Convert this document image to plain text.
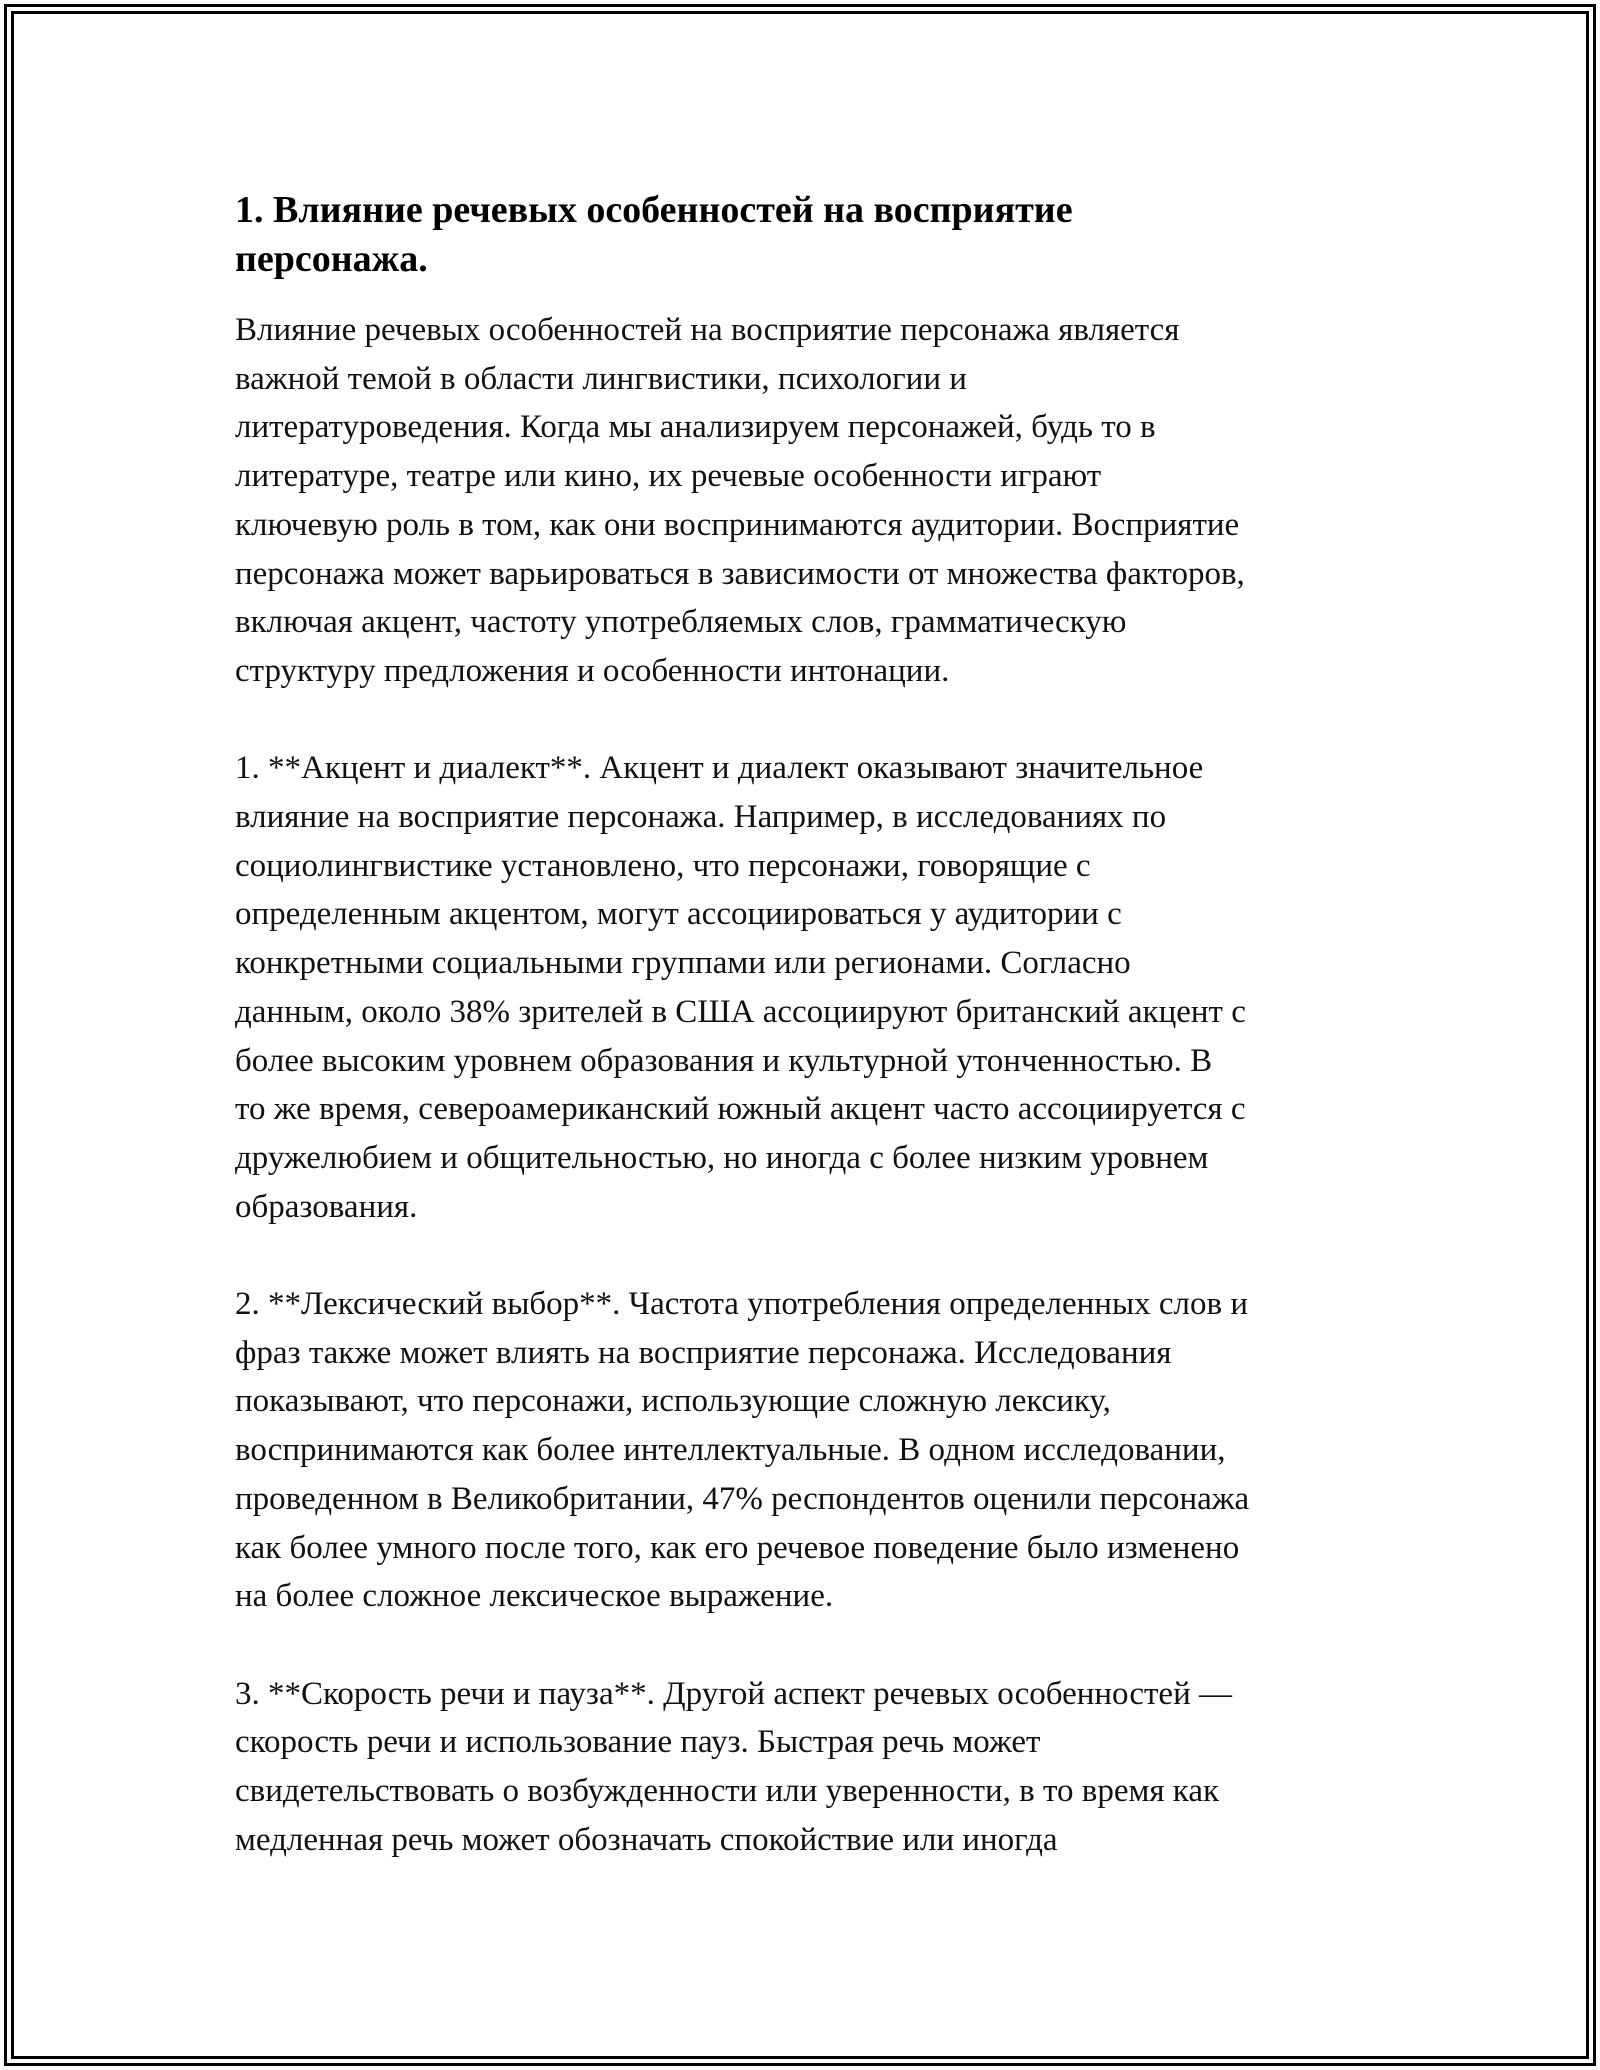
1. Влияние речевых особенностей на восприятие
персонажа.
Влияние речевых особенностей на восприятие персонажа является
важной темой в области лингвистики, психологии и
литературоведения. Когда мы анализируем персонажей, будь то в
литературе, театре или кино, их речевые особенности играют
ключевую роль в том, как они воспринимаются аудитории. Восприятие
персонажа может варьироваться в зависимости от множества факторов,
включая акцент, частоту употребляемых слов, грамматическую
структуру предложения и особенности интонации.
1. **Акцент и диалект**. Акцент и диалект оказывают значительное
влияние на восприятие персонажа. Например, в исследованиях по
социолингвистике установлено, что персонажи, говорящие с
определенным акцентом, могут ассоциироваться у аудитории с
конкретными социальными группами или регионами. Согласно
данным, около 38% зрителей в США ассоциируют британский акцент с
более высоким уровнем образования и культурной утонченностью. В
то же время, североамериканский южный акцент часто ассоциируется с
дружелюбием и общительностью, но иногда с более низким уровнем
образования.
2. **Лексический выбор**. Частота употребления определенных слов и
фраз также может влиять на восприятие персонажа. Исследования
показывают, что персонажи, использующие сложную лексику,
воспринимаются как более интеллектуальные. В одном исследовании,
проведенном в Великобритании, 47% респондентов оценили персонажа
как более умного после того, как его речевое поведение было изменено
на более сложное лексическое выражение.
3. **Скорость речи и пауза**. Другой аспект речевых особенностей —
скорость речи и использование пауз. Быстрая речь может
свидетельствовать о возбужденности или уверенности, в то время как
медленная речь может обозначать спокойствие или иногда
